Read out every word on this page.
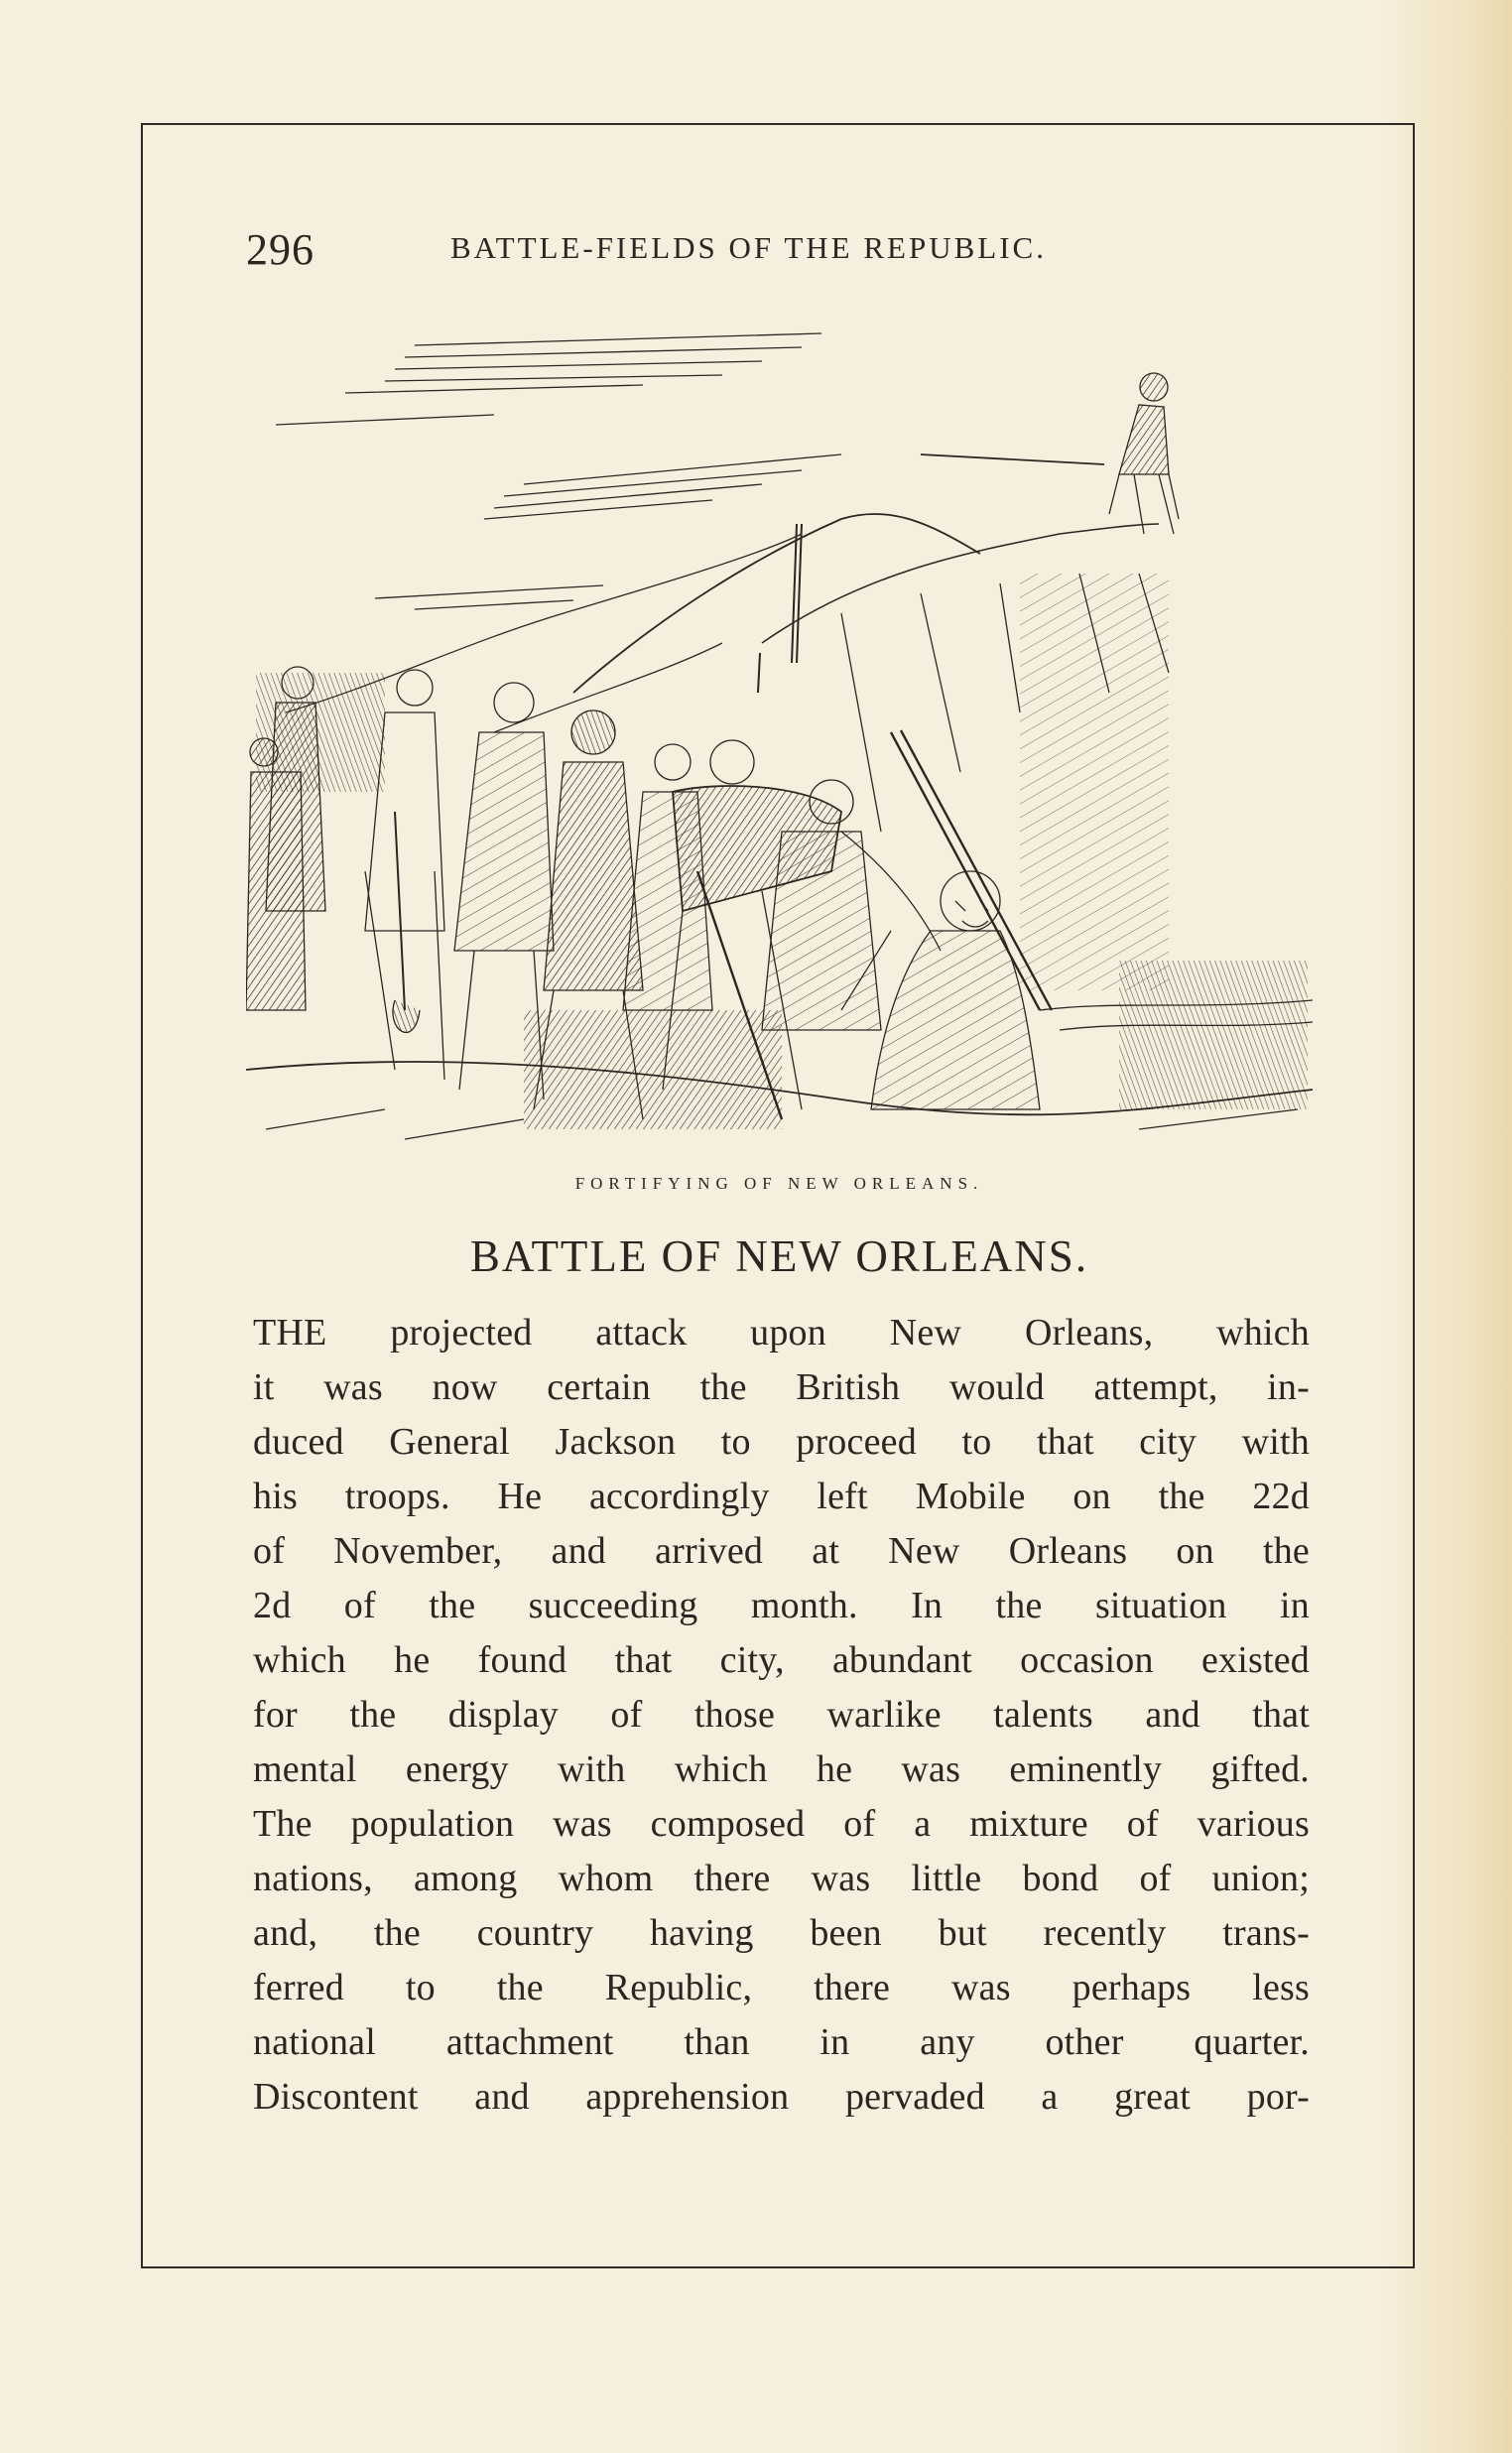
296	BATTLE-FIELDS OF THE REPUBLIC.
FORTIFYING OF NEW ORLEANS.
BATTLE OF NEW ORLEANS.
THE projected attack upon New Orleans, which
it was now certain the British would attempt, in-
duced General Jackson to proceed to that city with
his troops. He accordingly left Mobile on the 22d
of November, and arrived at New Orleans on the
2d of the succeeding month. In the situation in
which he found that city, abundant occasion existed
for the display of those warlike talents and that
mental energy with which he was eminently gifted.
The population was composed of a mixture of various
nations, among whom there was little bond of union;
and, the country having been but recently trans-
ferred to the Republic, there was perhaps less
national attachment than in any other quarter.
Discontent and apprehension pervaded a great por-
